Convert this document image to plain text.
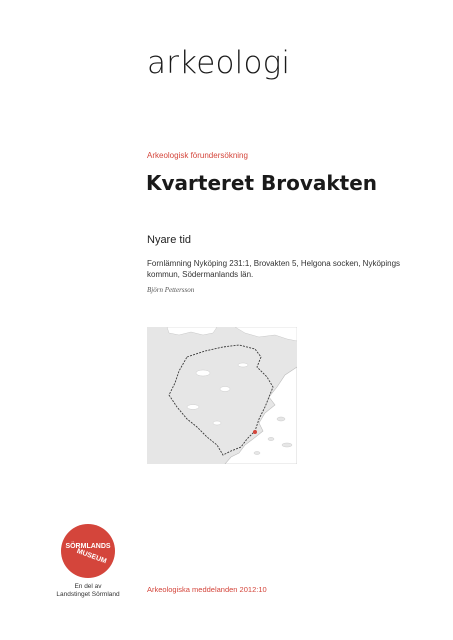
arkeologi
Arkeologisk förundersökning
Kvarteret Brovakten
Nyare tid
Fornlämning Nyköping 231:1, Brovakten 5, Helgona socken, Nyköpings kommun, Södermanlands län.
Björn Pettersson
SÖRMLANDS
MUSEUM
En del av
Landstinget Sörmland
Arkeologiska meddelanden 2012:10
